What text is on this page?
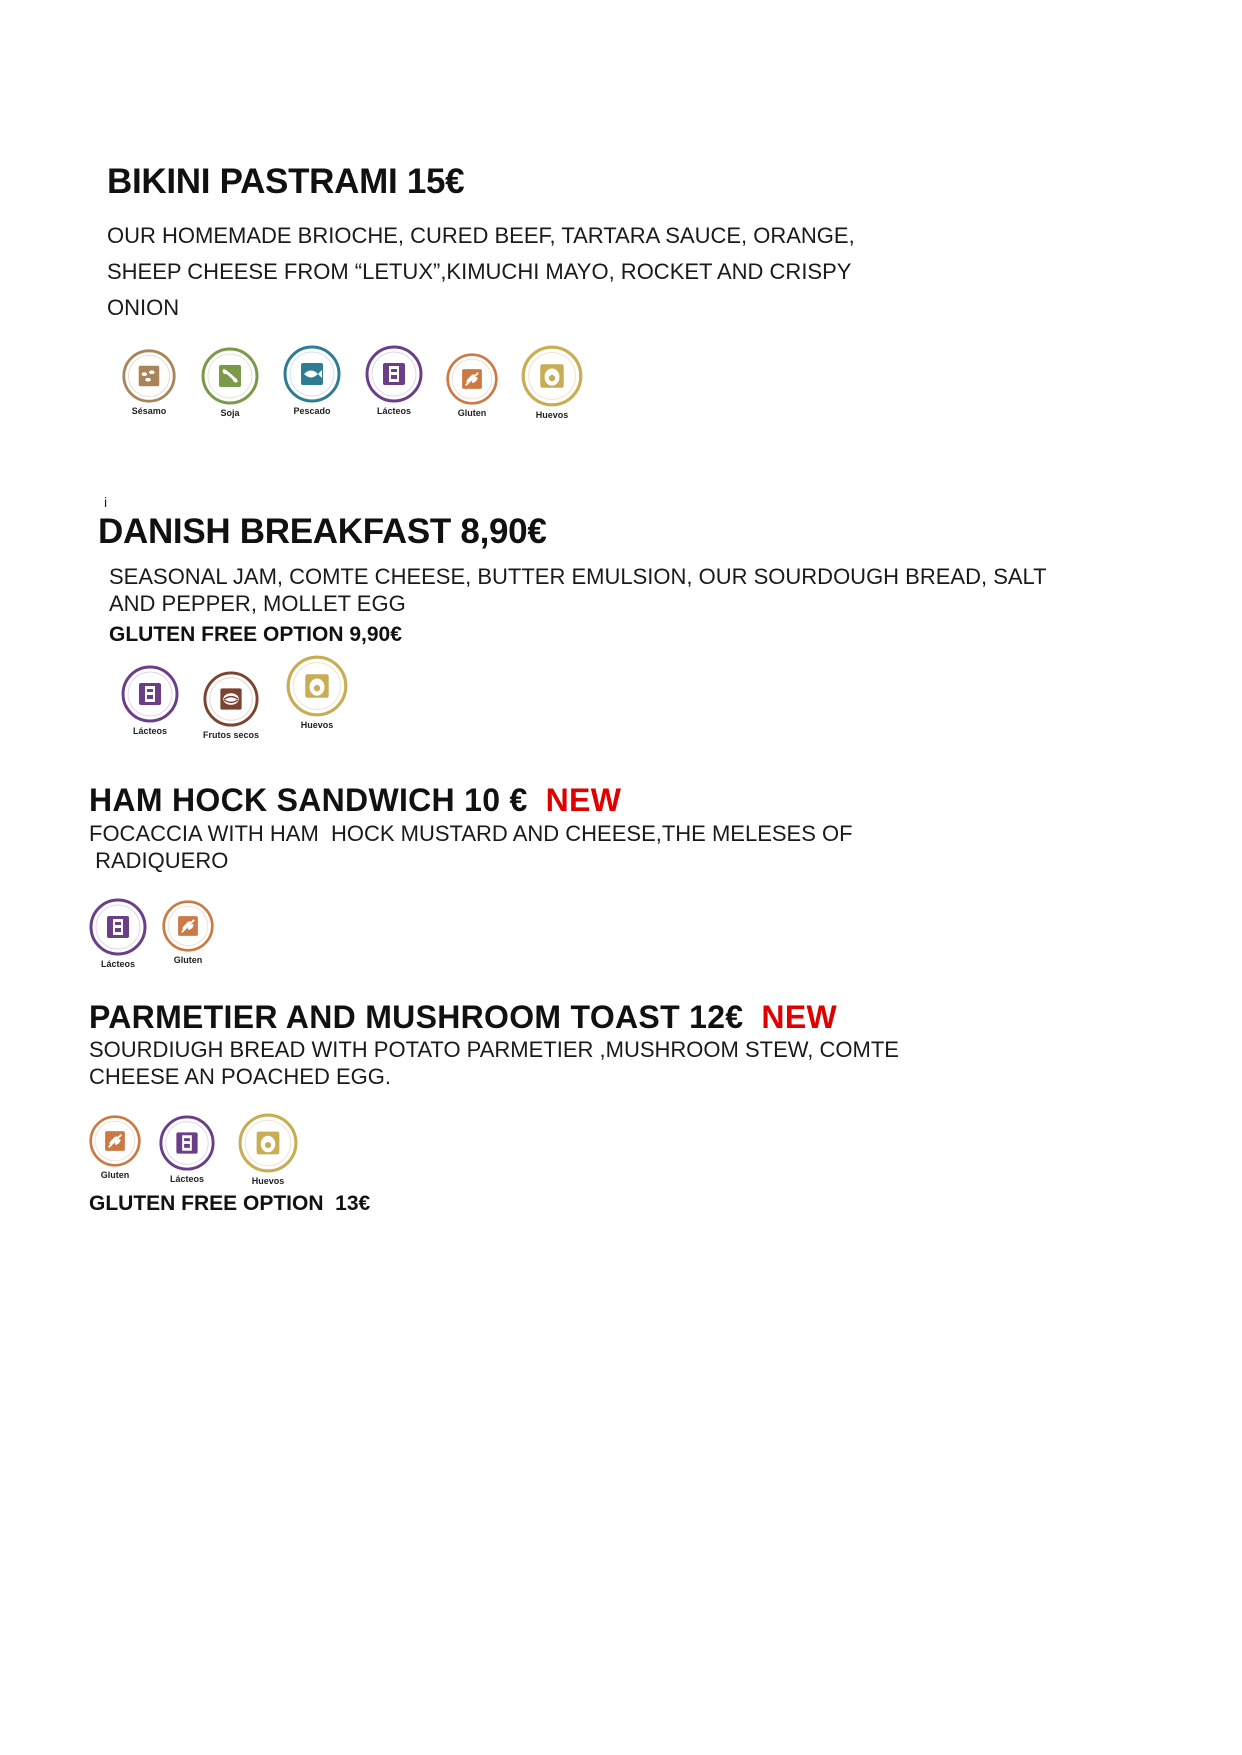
BIKINI PASTRAMI 15€
OUR HOMEMADE BRIOCHE, CURED BEEF, TARTARA SAUCE, ORANGE,
SHEEP CHEESE FROM “LETUX”,KIMUCHI MAYO, ROCKET AND CRISPY
ONION
Sésamo	Soja	Pescado	Lácteos	Gluten	Huevos
i
DANISH BREAKFAST 8,90€
SEASONAL JAM, COMTE CHEESE, BUTTER EMULSION, OUR SOURDOUGH BREAD, SALT
AND PEPPER, MOLLET EGG
GLUTEN FREE OPTION 9,90€
Lácteos	Frutos secos
Huevos
HAM HOCK SANDWICH 10 € NEW
FOCACCIA WITH HAM  HOCK MUSTARD AND CHEESE,THE MELESES OF
RADIQUERO
Lácteos	Gluten
PARMETIER AND MUSHROOM TOAST 12€ NEW
SOURDIUGH BREAD WITH POTATO PARMETIER ,MUSHROOM STEW, COMTE
CHEESE AN POACHED EGG.
Gluten	Lácteos	Huevos
GLUTEN FREE OPTION  13€
